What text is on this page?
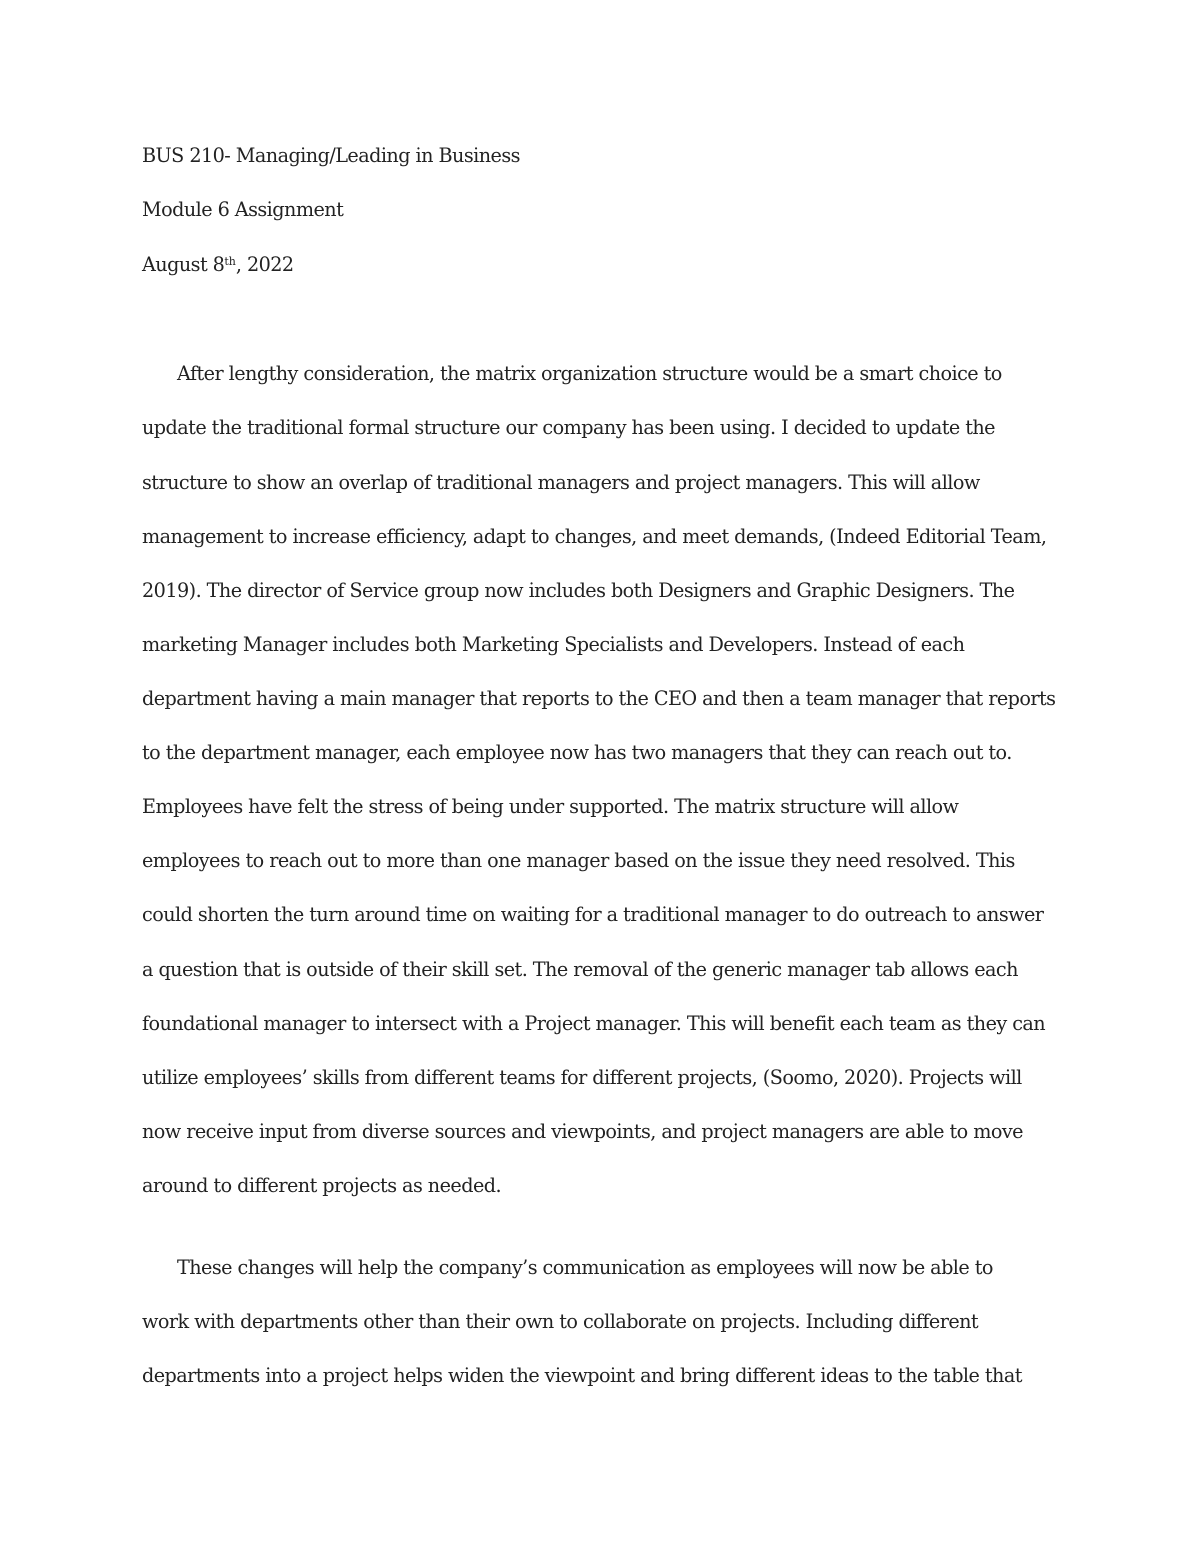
BUS 210- Managing/Leading in Business
Module 6 Assignment
August 8th, 2022
After lengthy consideration, the matrix organization structure would be a smart choice to
update the traditional formal structure our company has been using. I decided to update the
structure to show an overlap of traditional managers and project managers. This will allow
management to increase efficiency, adapt to changes, and meet demands, (Indeed Editorial Team,
2019). The director of Service group now includes both Designers and Graphic Designers. The
marketing Manager includes both Marketing Specialists and Developers. Instead of each
department having a main manager that reports to the CEO and then a team manager that reports
to the department manager, each employee now has two managers that they can reach out to.
Employees have felt the stress of being under supported. The matrix structure will allow
employees to reach out to more than one manager based on the issue they need resolved. This
could shorten the turn around time on waiting for a traditional manager to do outreach to answer
a question that is outside of their skill set. The removal of the generic manager tab allows each
foundational manager to intersect with a Project manager. This will benefit each team as they can
utilize employees’ skills from different teams for different projects, (Soomo, 2020). Projects will
now receive input from diverse sources and viewpoints, and project managers are able to move
around to different projects as needed.
These changes will help the company’s communication as employees will now be able to
work with departments other than their own to collaborate on projects. Including different
departments into a project helps widen the viewpoint and bring different ideas to the table that
